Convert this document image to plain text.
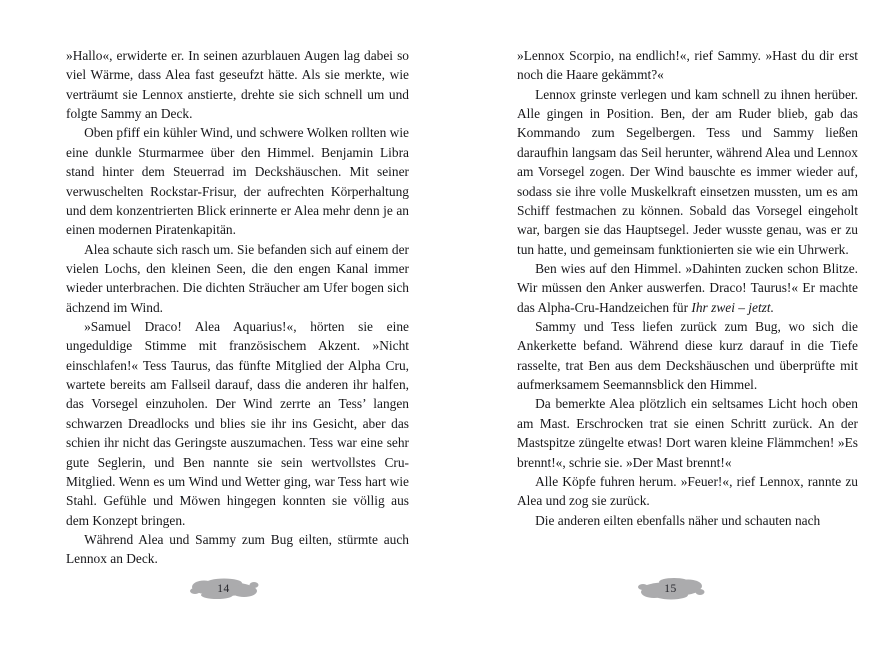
»Hallo«, erwiderte er. In seinen azurblauen Augen lag dabei so viel Wärme, dass Alea fast geseufzt hätte. Als sie merkte, wie verträumt sie Lennox anstierte, drehte sie sich schnell um und folgte Sammy an Deck.

Oben pfiff ein kühler Wind, und schwere Wolken rollten wie eine dunkle Sturmarmee über den Himmel. Benjamin Libra stand hinter dem Steuerrad im Deckshäuschen. Mit seiner verwuschelten Rockstar-Frisur, der aufrechten Körperhaltung und dem konzentrierten Blick erinnerte er Alea mehr denn je an einen modernen Piratenkapitän.

Alea schaute sich rasch um. Sie befanden sich auf einem der vielen Lochs, den kleinen Seen, die den engen Kanal immer wieder unterbrachen. Die dichten Sträucher am Ufer bogen sich ächzend im Wind.

»Samuel Draco! Alea Aquarius!«, hörten sie eine ungeduldige Stimme mit französischem Akzent. »Nicht einschlafen!« Tess Taurus, das fünfte Mitglied der Alpha Cru, wartete bereits am Fallseil darauf, dass die anderen ihr halfen, das Vorsegel einzuholen. Der Wind zerrte an Tess’ langen schwarzen Dreadlocks und blies sie ihr ins Gesicht, aber das schien ihr nicht das Geringste auszumachen. Tess war eine sehr gute Seglerin, und Ben nannte sie sein wertvollstes Cru-Mitglied. Wenn es um Wind und Wetter ging, war Tess hart wie Stahl. Gefühle und Möwen hingegen konnten sie völlig aus dem Konzept bringen.

Während Alea und Sammy zum Bug eilten, stürmte auch Lennox an Deck.

14

»Lennox Scorpio, na endlich!«, rief Sammy. »Hast du dir erst noch die Haare gekämmt?«

Lennox grinste verlegen und kam schnell zu ihnen herüber. Alle gingen in Position. Ben, der am Ruder blieb, gab das Kommando zum Segelbergen. Tess und Sammy ließen daraufhin langsam das Seil herunter, während Alea und Lennox am Vorsegel zogen. Der Wind bauschte es immer wieder auf, sodass sie ihre volle Muskelkraft einsetzen mussten, um es am Schiff festmachen zu können. Sobald das Vorsegel eingeholt war, bargen sie das Hauptsegel. Jeder wusste genau, was er zu tun hatte, und gemeinsam funktionierten sie wie ein Uhrwerk.

Ben wies auf den Himmel. »Dahinten zucken schon Blitze. Wir müssen den Anker auswerfen. Draco! Taurus!« Er machte das Alpha-Cru-Handzeichen für Ihr zwei – jetzt.

Sammy und Tess liefen zurück zum Bug, wo sich die Ankerkette befand. Während diese kurz darauf in die Tiefe rasselte, trat Ben aus dem Deckshäuschen und überprüfte mit aufmerksamem Seemannsblick den Himmel.

Da bemerkte Alea plötzlich ein seltsames Licht hoch oben am Mast. Erschrocken trat sie einen Schritt zurück. An der Mastspitze züngelte etwas! Dort waren kleine Flämmchen! »Es brennt!«, schrie sie. »Der Mast brennt!«

Alle Köpfe fuhren herum. »Feuer!«, rief Lennox, rannte zu Alea und zog sie zurück.

Die anderen eilten ebenfalls näher und schauten nach

15
